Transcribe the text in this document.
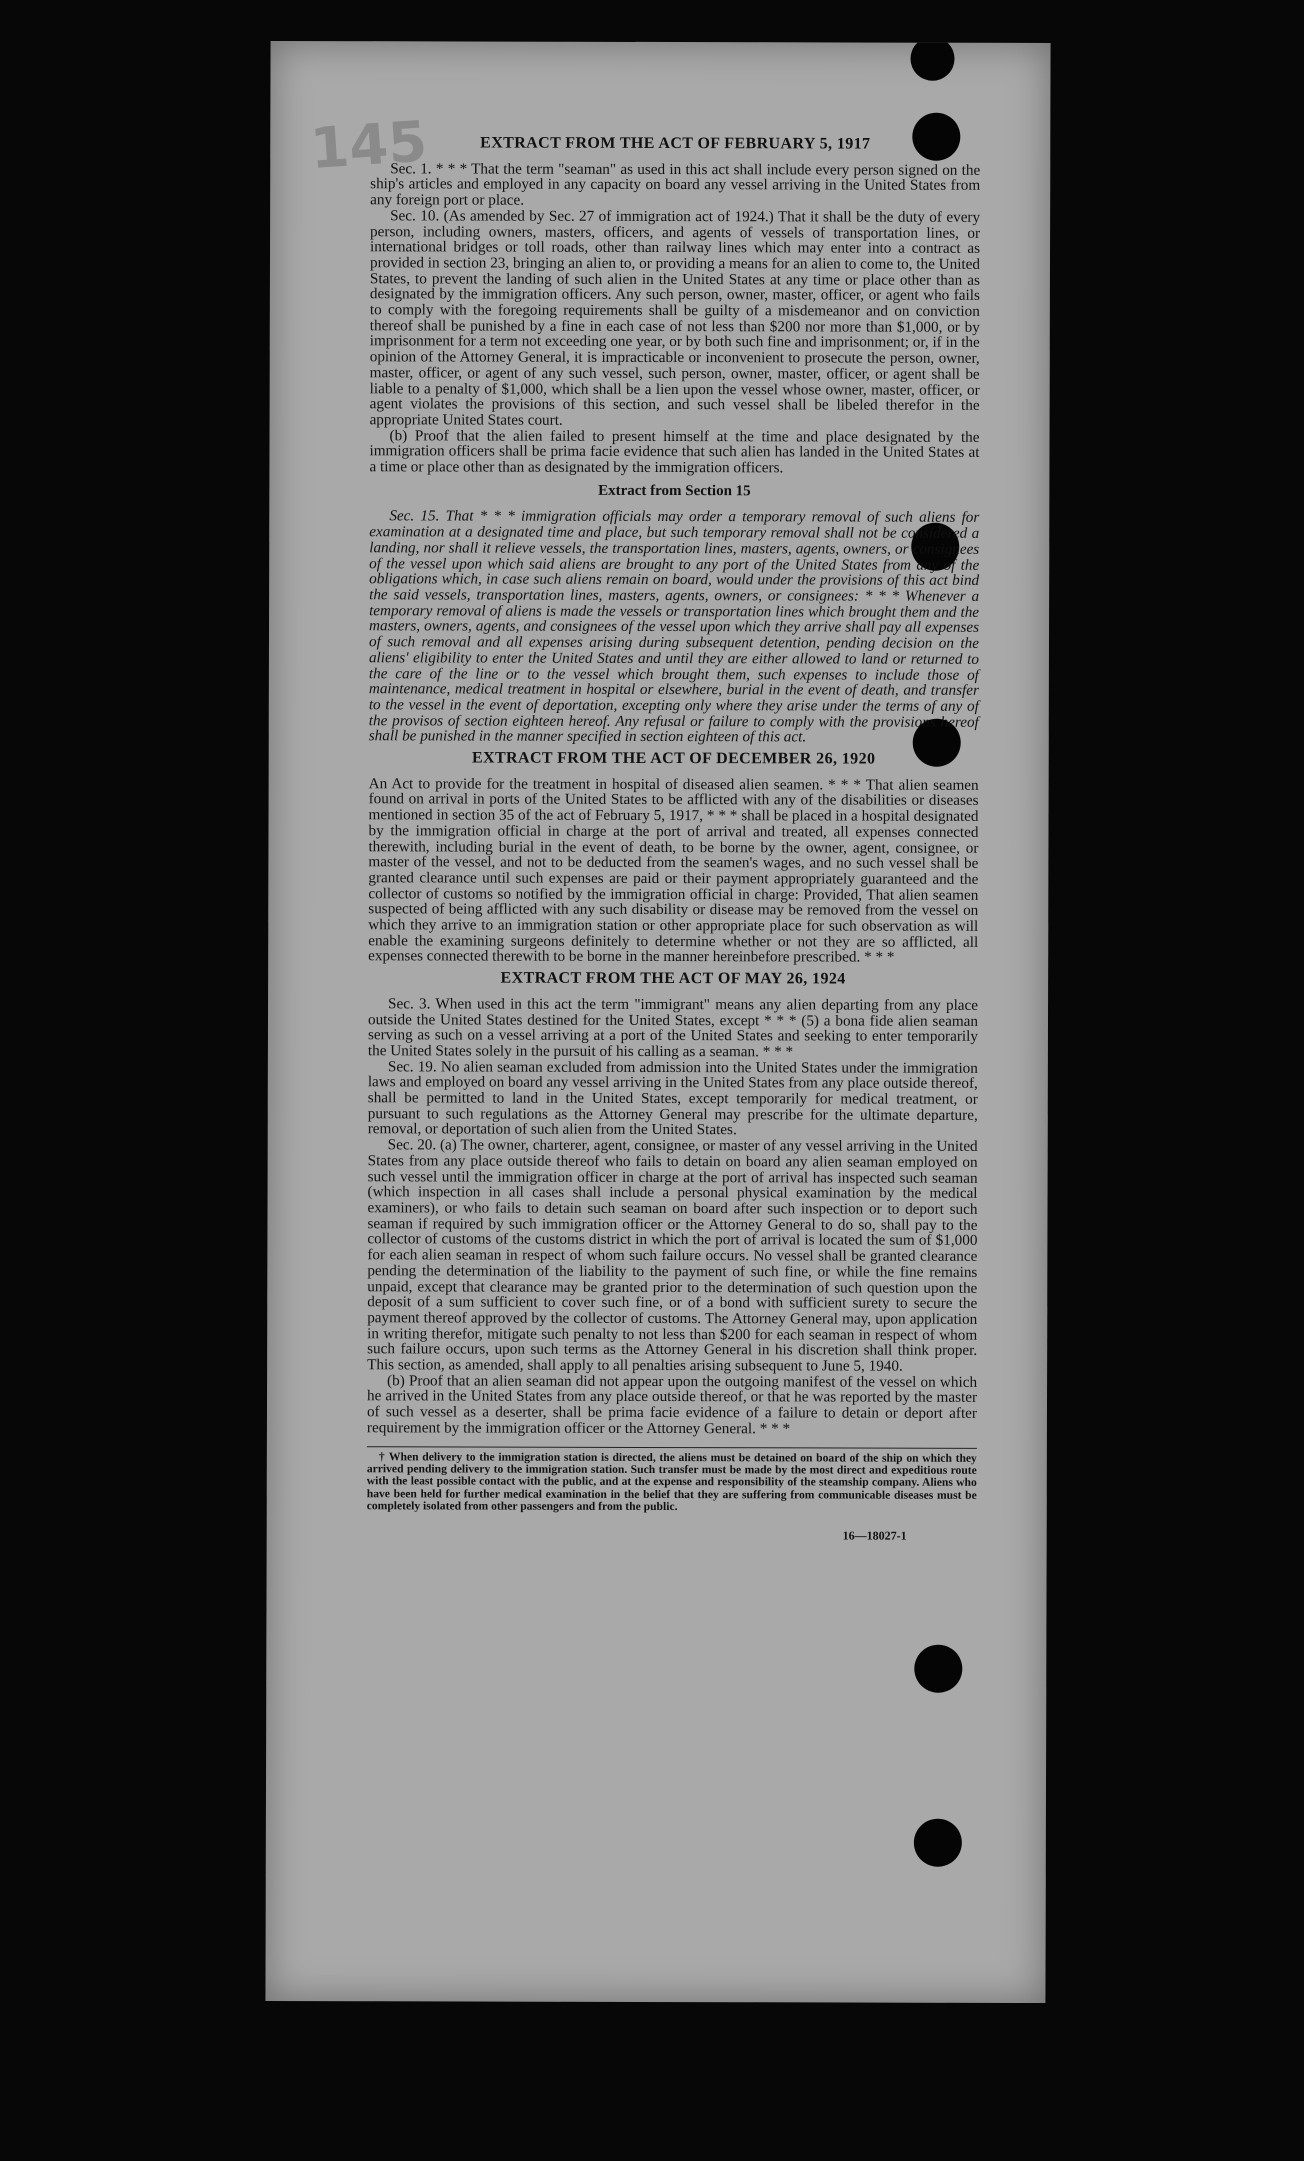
145	EXTRACT FROM THE ACT OF FEBRUARY 5, 1917

Sec. 1. * * * That the term "seaman" as used in this act shall include every person signed on the ship's articles and employed in any capacity on board any vessel arriving in the United States from any foreign port or place.

Sec. 10. (As amended by Sec. 27 of immigration act of 1924.) That it shall be the duty of every person, including owners, masters, officers, and agents of vessels of transportation lines, or international bridges or toll roads, other than railway lines which may enter into a contract as provided in section 23, bringing an alien to, or providing a means for an alien to come to, the United States, to prevent the landing of such alien in the United States at any time or place other than as designated by the immigration officers. Any such person, owner, master, officer, or agent who fails to comply with the foregoing requirements shall be guilty of a misdemeanor and on conviction thereof shall be punished by a fine in each case of not less than $200 nor more than $1,000, or by imprisonment for a term not exceeding one year, or by both such fine and imprisonment; or, if in the opinion of the Attorney General, it is impracticable or inconvenient to prosecute the person, owner, master, officer, or agent of any such vessel, such person, owner, master, officer, or agent shall be liable to a penalty of $1,000, which shall be a lien upon the vessel whose owner, master, officer, or agent violates the provisions of this section, and such vessel shall be libeled therefor in the appropriate United States court.

(b) Proof that the alien failed to present himself at the time and place designated by the immigration officers shall be prima facie evidence that such alien has landed in the United States at a time or place other than as designated by the immigration officers.

Extract from Section 15

Sec. 15. That * * * immigration officials may order a temporary removal of such aliens for examination at a designated time and place, but such temporary removal shall not be considered a landing, nor shall it relieve vessels, the transportation lines, masters, agents, owners, or consignees of the vessel upon which said aliens are brought to any port of the United States from any of the obligations which, in case such aliens remain on board, would under the provisions of this act bind the said vessels, transportation lines, masters, agents, owners, or consignees: * * * Whenever a temporary removal of aliens is made the vessels or transportation lines which brought them and the masters, owners, agents, and consignees of the vessel upon which they arrive shall pay all expenses of such removal and all expenses arising during subsequent detention, pending decision on the aliens' eligibility to enter the United States and until they are either allowed to land or returned to the care of the line or to the vessel which brought them, such expenses to include those of maintenance, medical treatment in hospital or elsewhere, burial in the event of death, and transfer to the vessel in the event of deportation, excepting only where they arise under the terms of any of the provisos of section eighteen hereof. Any refusal or failure to comply with the provisions hereof shall be punished in the manner specified in section eighteen of this act.

EXTRACT FROM THE ACT OF DECEMBER 26, 1920

An Act to provide for the treatment in hospital of diseased alien seamen. * * * That alien seamen found on arrival in ports of the United States to be afflicted with any of the disabilities or diseases mentioned in section 35 of the act of February 5, 1917, * * * shall be placed in a hospital designated by the immigration official in charge at the port of arrival and treated, all expenses connected therewith, including burial in the event of death, to be borne by the owner, agent, consignee, or master of the vessel, and not to be deducted from the seamen's wages, and no such vessel shall be granted clearance until such expenses are paid or their payment appropriately guaranteed and the collector of customs so notified by the immigration official in charge: Provided, That alien seamen suspected of being afflicted with any such disability or disease may be removed from the vessel on which they arrive to an immigration station or other appropriate place for such observation as will enable the examining surgeons definitely to determine whether or not they are so afflicted, all expenses connected therewith to be borne in the manner hereinbefore prescribed. * * *

EXTRACT FROM THE ACT OF MAY 26, 1924

Sec. 3. When used in this act the term "immigrant" means any alien departing from any place outside the United States destined for the United States, except * * * (5) a bona fide alien seaman serving as such on a vessel arriving at a port of the United States and seeking to enter temporarily the United States solely in the pursuit of his calling as a seaman. * * *

Sec. 19. No alien seaman excluded from admission into the United States under the immigration laws and employed on board any vessel arriving in the United States from any place outside thereof, shall be permitted to land in the United States, except temporarily for medical treatment, or pursuant to such regulations as the Attorney General may prescribe for the ultimate departure, removal, or deportation of such alien from the United States.

Sec. 20. (a) The owner, charterer, agent, consignee, or master of any vessel arriving in the United States from any place outside thereof who fails to detain on board any alien seaman employed on such vessel until the immigration officer in charge at the port of arrival has inspected such seaman (which inspection in all cases shall include a personal physical examination by the medical examiners), or who fails to detain such seaman on board after such inspection or to deport such seaman if required by such immigration officer or the Attorney General to do so, shall pay to the collector of customs of the customs district in which the port of arrival is located the sum of $1,000 for each alien seaman in respect of whom such failure occurs. No vessel shall be granted clearance pending the determination of the liability to the payment of such fine, or while the fine remains unpaid, except that clearance may be granted prior to the determination of such question upon the deposit of a sum sufficient to cover such fine, or of a bond with sufficient surety to secure the payment thereof approved by the collector of customs. The Attorney General may, upon application in writing therefor, mitigate such penalty to not less than $200 for each seaman in respect of whom such failure occurs, upon such terms as the Attorney General in his discretion shall think proper. This section, as amended, shall apply to all penalties arising subsequent to June 5, 1940.

(b) Proof that an alien seaman did not appear upon the outgoing manifest of the vessel on which he arrived in the United States from any place outside thereof, or that he was reported by the master of such vessel as a deserter, shall be prima facie evidence of a failure to detain or deport after requirement by the immigration officer or the Attorney General. * * *

† When delivery to the immigration station is directed, the aliens must be detained on board of the ship on which they arrived pending delivery to the immigration station. Such transfer must be made by the most direct and expeditious route with the least possible contact with the public, and at the expense and responsibility of the steamship company. Aliens who have been held for further medical examination in the belief that they are suffering from communicable diseases must be completely isolated from other passengers and from the public.

16—18027-1
